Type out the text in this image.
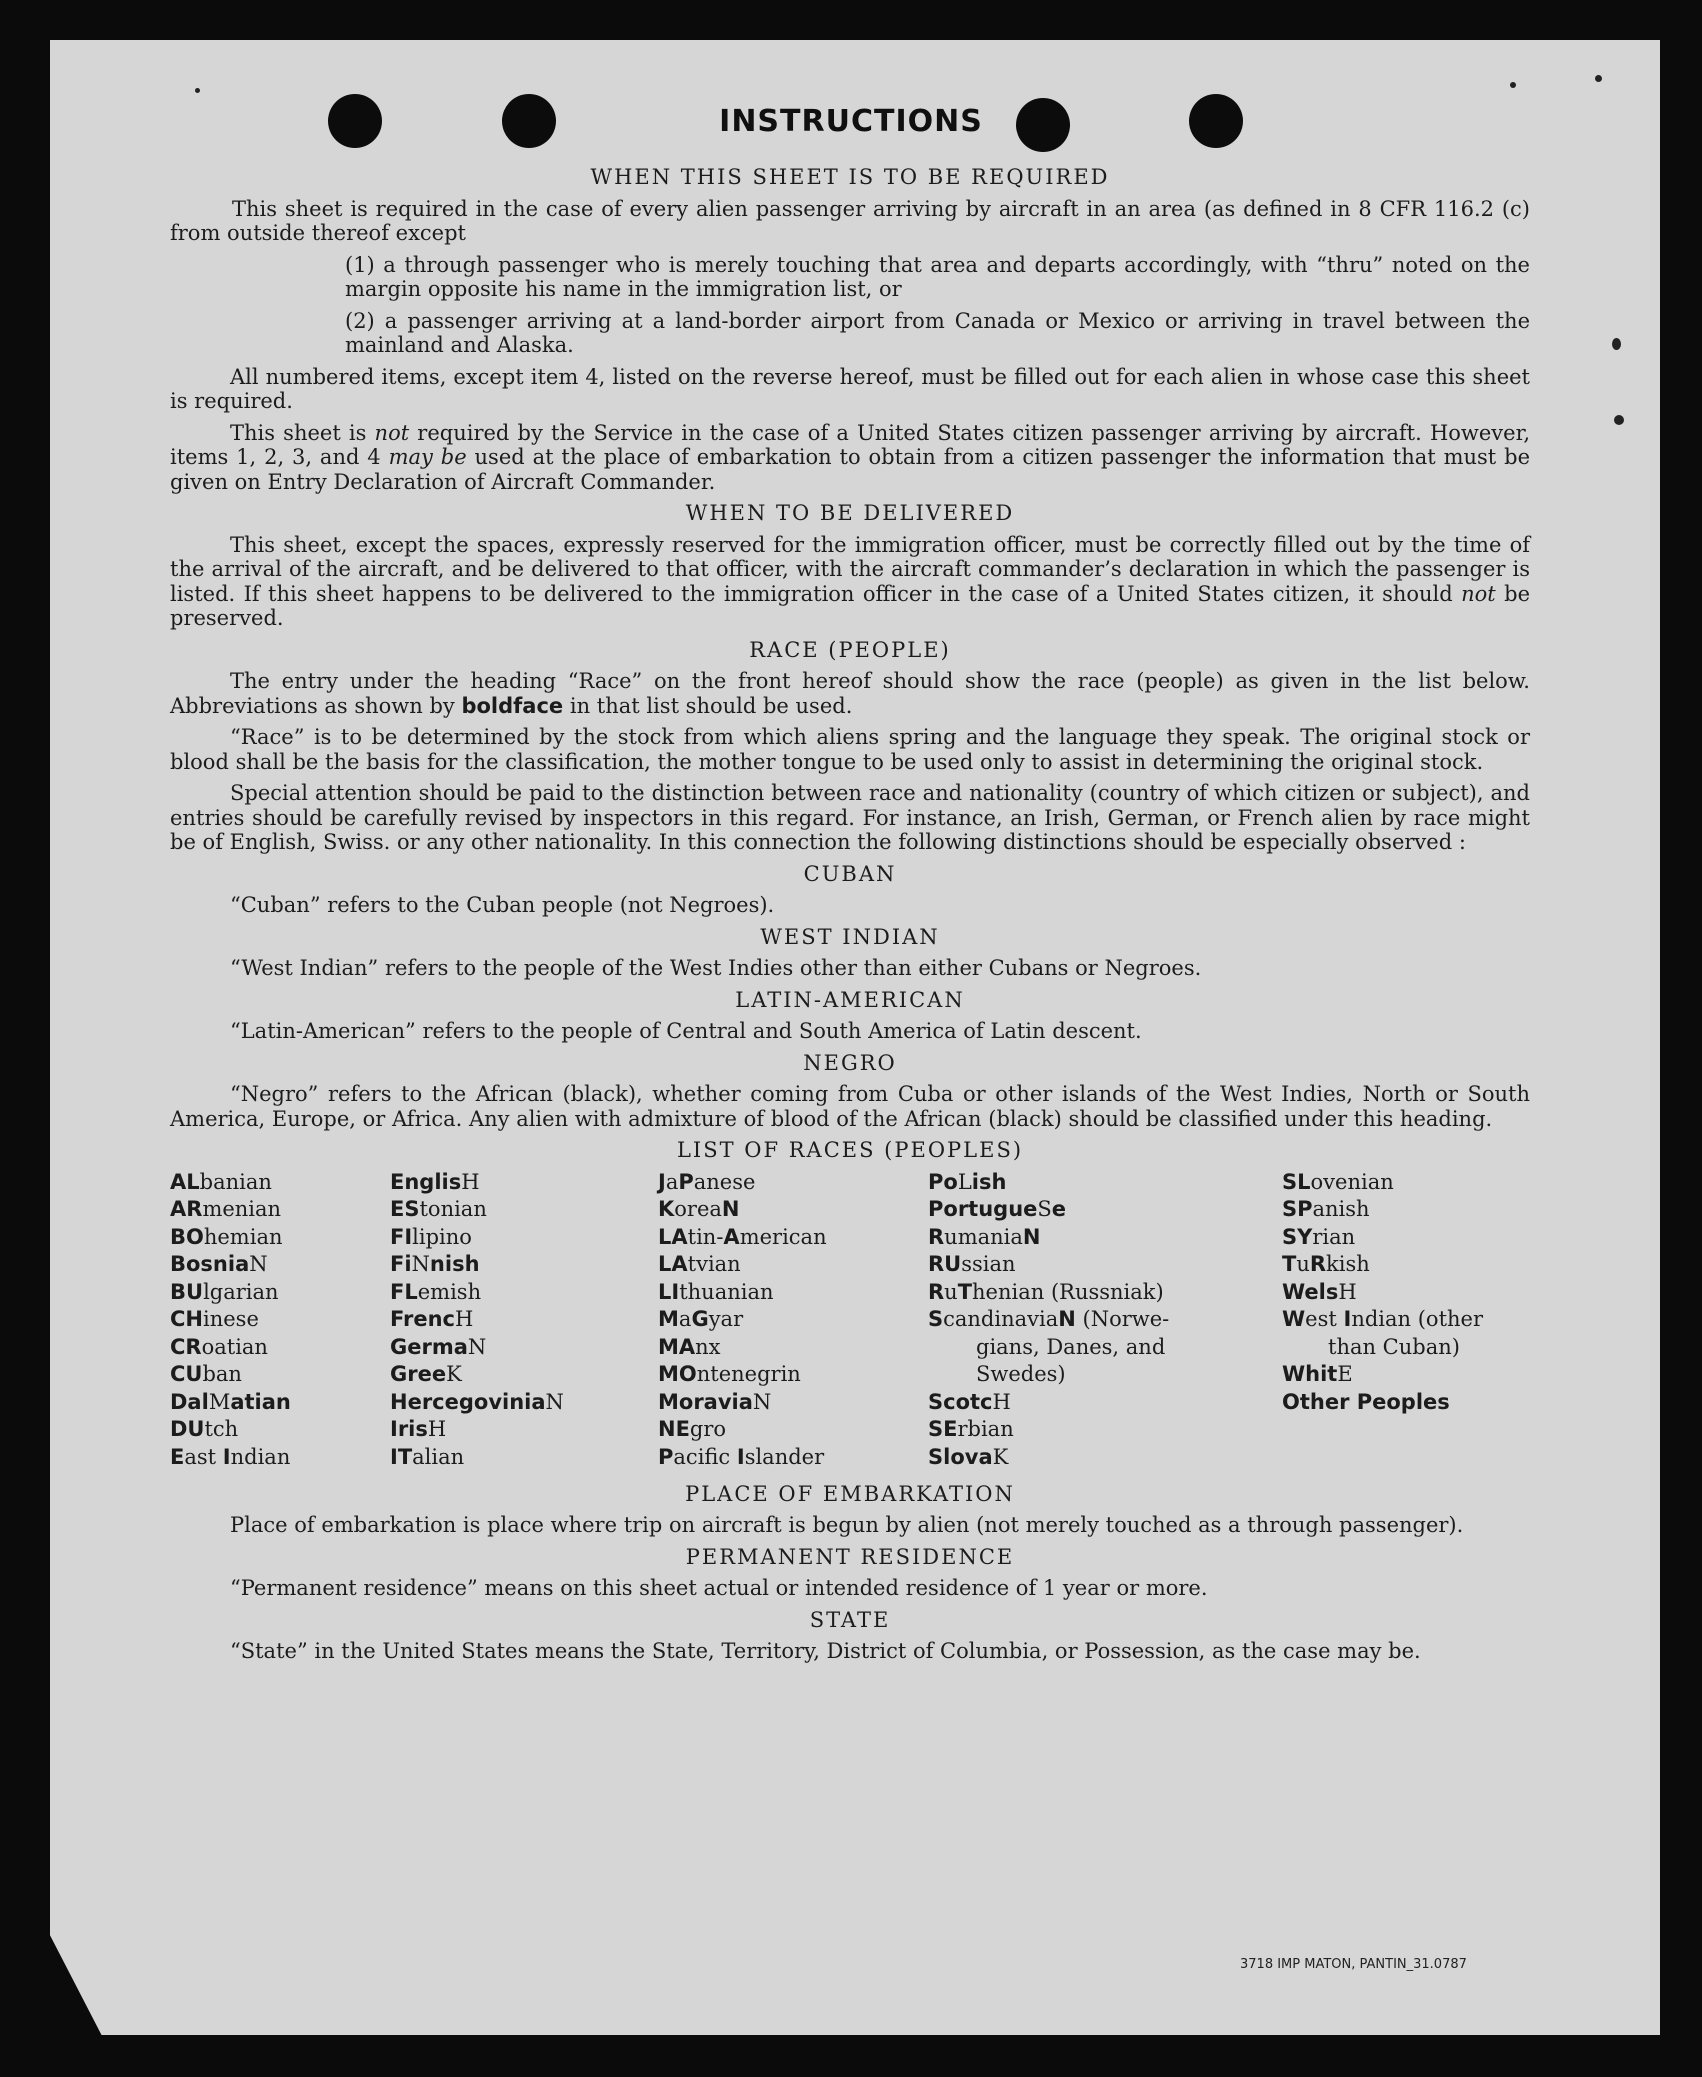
INSTRUCTIONS
WHEN THIS SHEET IS TO BE REQUIRED

This sheet is required in the case of every alien passenger arriving by aircraft in an area (as defined in 8 CFR 116.2 (c) from outside thereof except

(1) a through passenger who is merely touching that area and departs accordingly, with “thru” noted on the margin opposite his name in the immigration list, or

(2) a passenger arriving at a land-border airport from Canada or Mexico or arriving in travel between the mainland and Alaska.

All numbered items, except item 4, listed on the reverse hereof, must be filled out for each alien in whose case this sheet is required.

This sheet is not required by the Service in the case of a United States citizen passenger arriving by aircraft. However, items 1, 2, 3, and 4 may be used at the place of embarkation to obtain from a citizen passenger the information that must be given on Entry Declaration of Aircraft Commander.

WHEN TO BE DELIVERED

This sheet, except the spaces, expressly reserved for the immigration officer, must be correctly filled out by the time of the arrival of the aircraft, and be delivered to that officer, with the aircraft commander’s declaration in which the passenger is listed. If this sheet happens to be delivered to the immigration officer in the case of a United States citizen, it should not be preserved.

RACE (PEOPLE)

The entry under the heading “Race” on the front hereof should show the race (people) as given in the list below. Abbreviations as shown by boldface in that list should be used.

“Race” is to be determined by the stock from which aliens spring and the language they speak. The original stock or blood shall be the basis for the classification, the mother tongue to be used only to assist in determining the original stock.

Special attention should be paid to the distinction between race and nationality (country of which citizen or subject), and entries should be carefully revised by inspectors in this regard. For instance, an Irish, German, or French alien by race might be of English, Swiss. or any other nationality. In this connection the following distinctions should be especially observed :

CUBAN

“Cuban” refers to the Cuban people (not Negroes).

WEST INDIAN

“West Indian” refers to the people of the West Indies other than either Cubans or Negroes.

LATIN-AMERICAN

“Latin-American” refers to the people of Central and South America of Latin descent.

NEGRO

“Negro” refers to the African (black), whether coming from Cuba or other islands of the West Indies, North or South America, Europe, or Africa. Any alien with admixture of blood of the African (black) should be classified under this heading.

LIST OF RACES (PEOPLES)
ALbanian
ARmenian
BOhemian
BosniaN
BUlgarian
CHinese
CRoatian
CUban
DalMatian
DUtch
East Indian
EnglisH
EStonian
FIlipino
FiNnish
FLemish
FrencH
GermaN
GreeK
HercegoviniaN
IrisH
ITalian
JaPanese
KoreaN
LAtin-American
LAtvian
LIthuanian
MaGyar
MAnx
MOntenegrin
MoraviaN
NEgro
Pacific Islander
PoLish
PortugueSe
RumaniaN
RUssian
RuThenian (Russniak)
ScandinaviaN (Norwe-
gians, Danes, and
Swedes)
ScotcH
SErbian
SlovaK
SLovenian
SPanish
SYrian
TuRkish
WelsH
West Indian (other
than Cuban)
WhitE
Other Peoples
PLACE OF EMBARKATION

Place of embarkation is place where trip on aircraft is begun by alien (not merely touched as a through passenger).

PERMANENT RESIDENCE

“Permanent residence” means on this sheet actual or intended residence of 1 year or more.

STATE

“State” in the United States means the State, Territory, District of Columbia, or Possession, as the case may be.

3718 IMP MATON, PANTIN_31.0787
